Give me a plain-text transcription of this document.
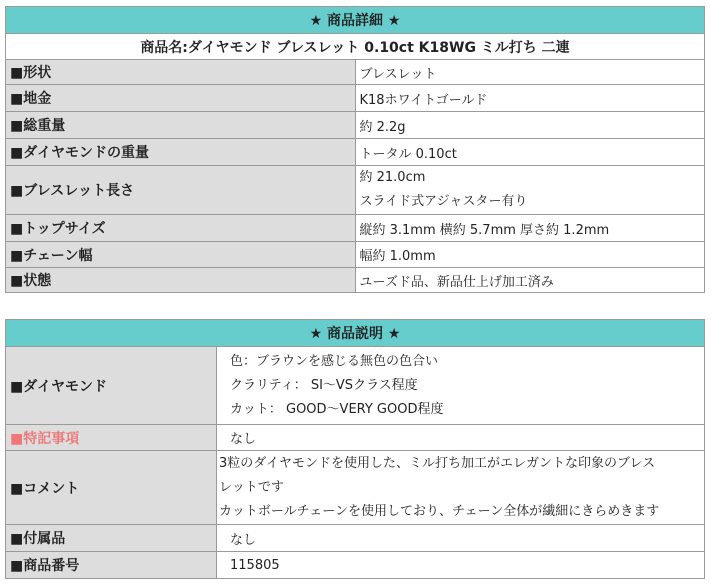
★ 商品詳細 ★	
商品名:ダイヤモンド ブレスレット 0.10ct K18WG ミル打ち 二連	
■形状	ブレスレット
■地金	K18ホワイトゴールド
■総重量	約 2.2g
■ダイヤモンドの重量	トータル 0.10ct
■ブレスレット長さ	約 21.0cm
スライド式アジャスター有り

■トップサイズ	縦約 3.1mm 横約 5.7mm 厚さ約 1.2mm
■チェーン幅	幅約 1.0mm
■状態	ユーズド品、新品仕上げ加工済み
★ 商品説明 ★	
■ダイヤモンド	色：ブラウンを感じる無色の色合い
クラリティ： SI～VSクラス程度
カット： GOOD～VERY GOOD程度

■特記事項	なし
■コメント	3粒のダイヤモンドを使用した、ミル打ち加工がエレガントな印象のブレス
レットです
カットボールチェーンを使用しており、チェーン全体が繊細にきらめきます

■付属品	なし
■商品番号	115805
